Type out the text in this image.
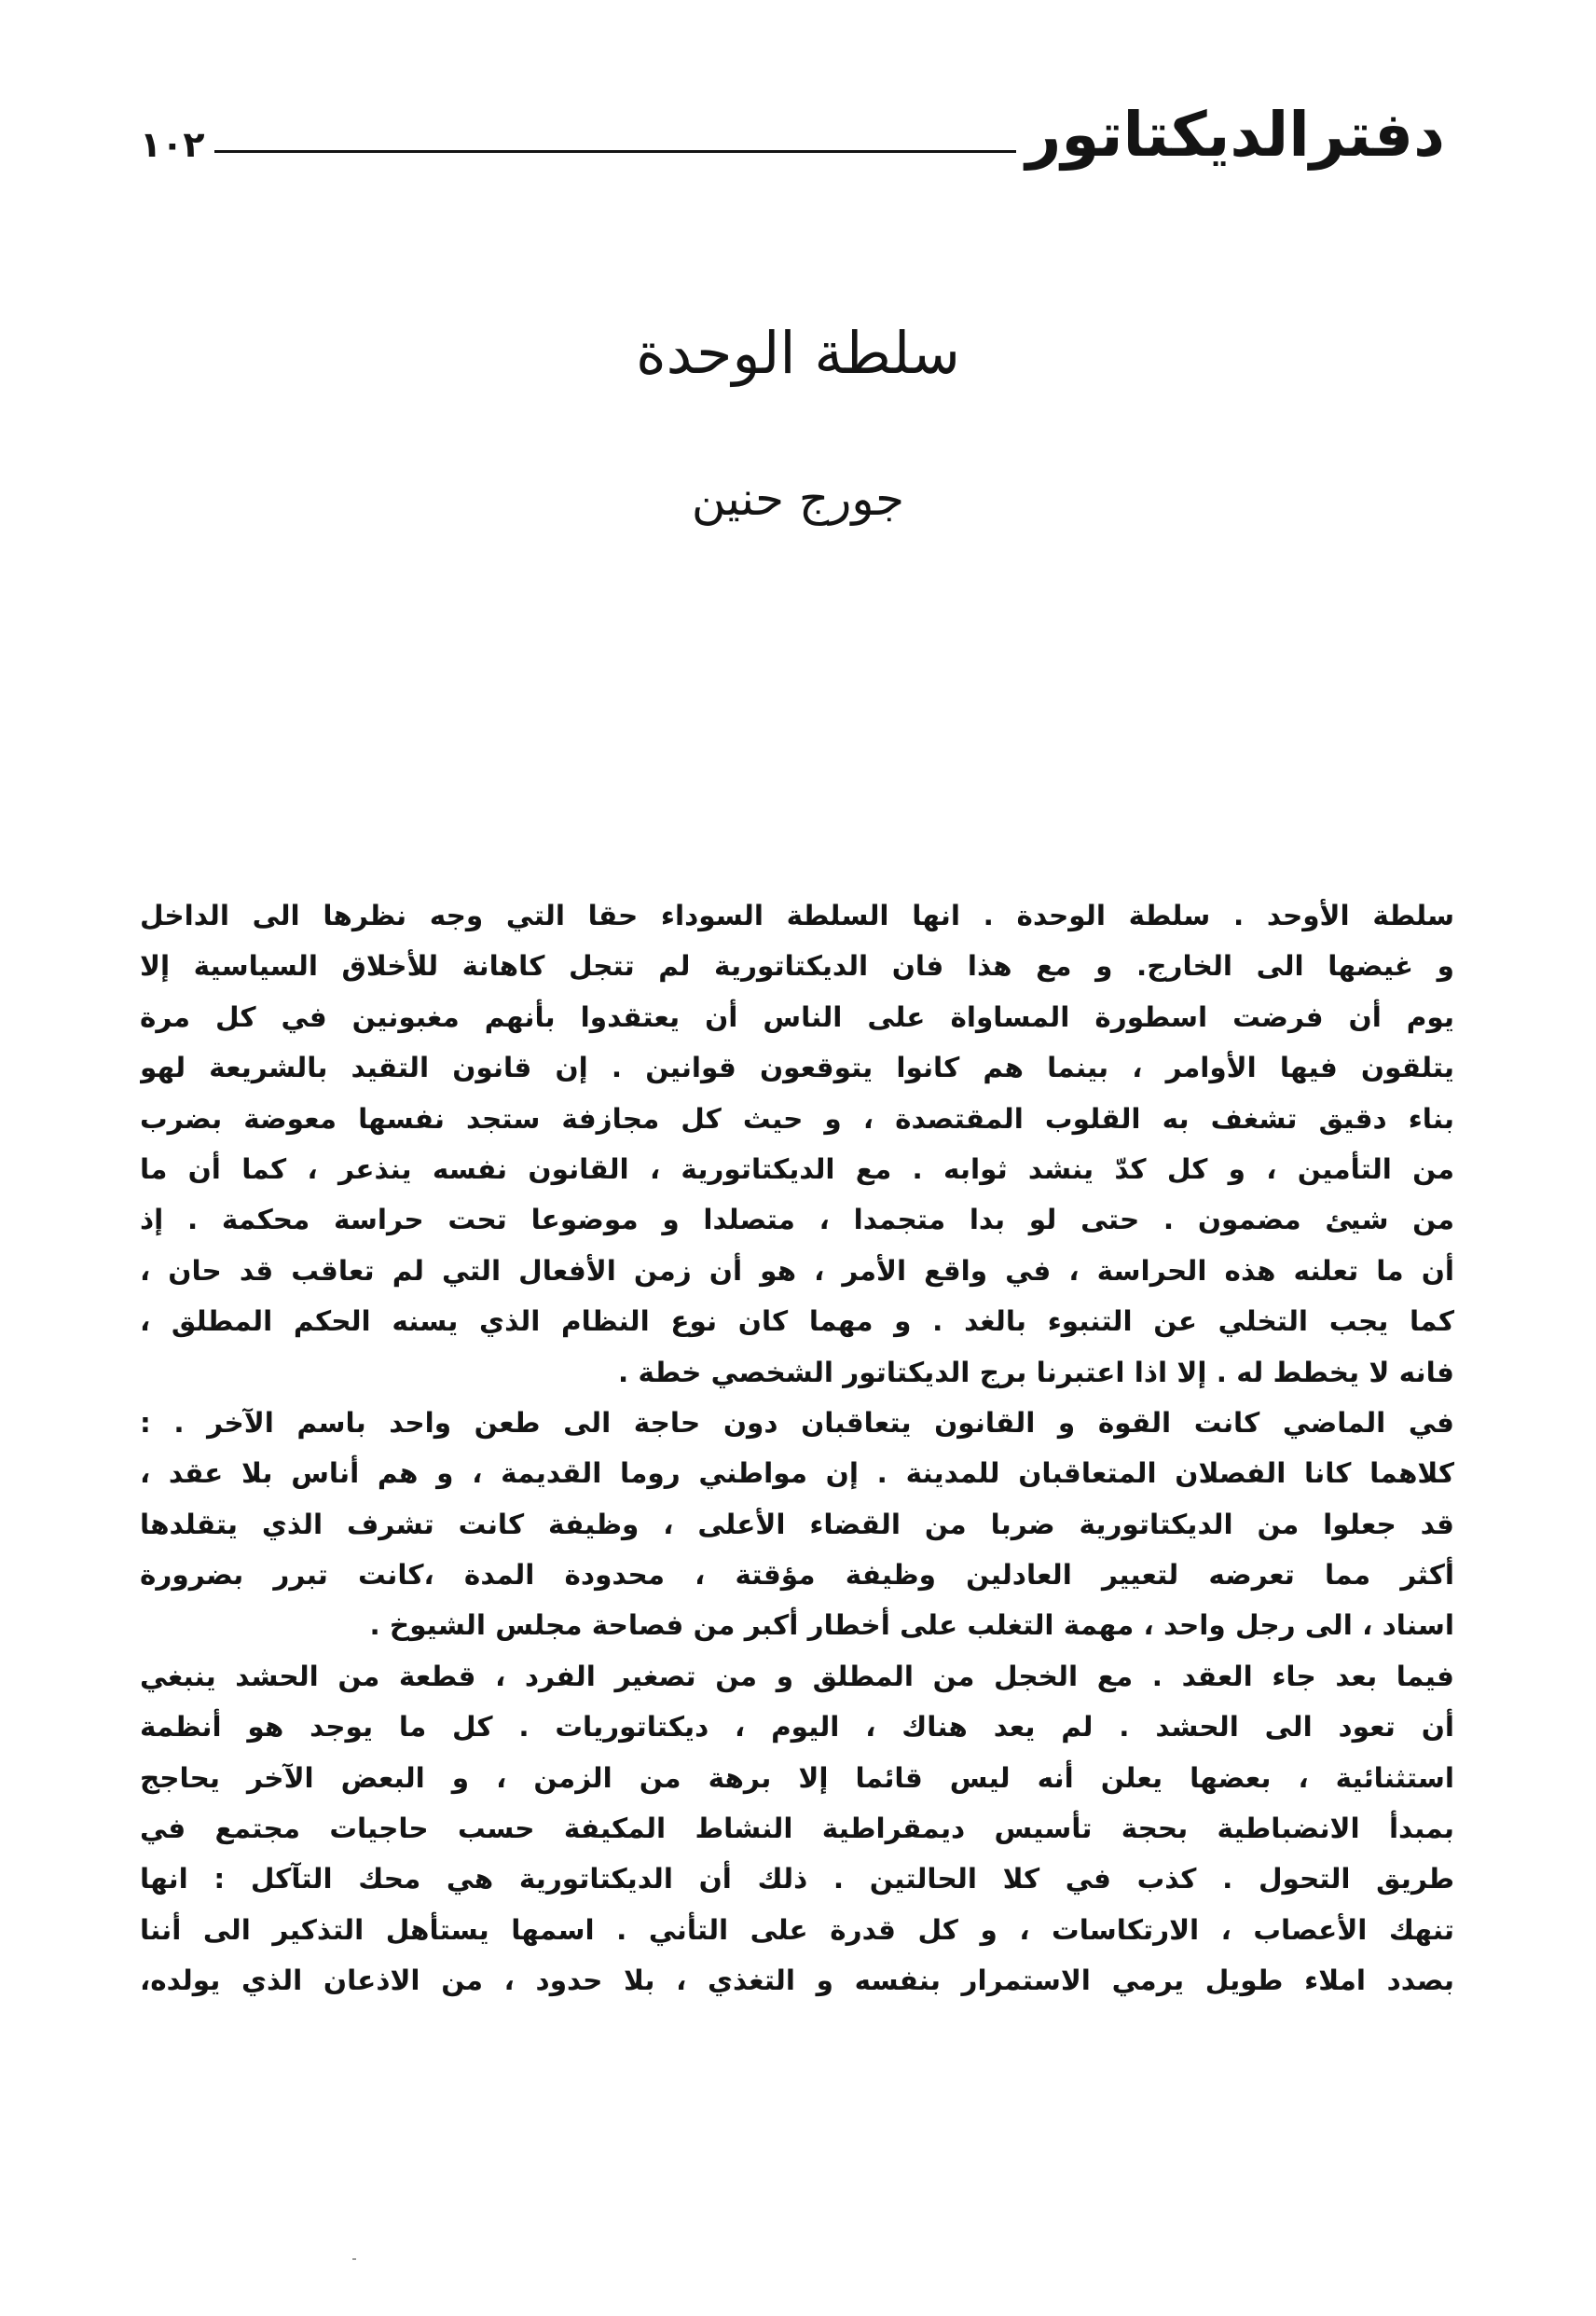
دفترالديكتاتور
١٠٢
سلطة الوحدة
جورج حنين
سلطة الأوحد . سلطة الوحدة . انها السلطة السوداء حقا التي وجه نظرها الى الداخل
و غيضها الى الخارج. و مع هذا فان الديكتاتورية لم تتجل كاهانة للأخلاق السياسية إلا
يوم أن فرضت اسطورة المساواة على الناس أن يعتقدوا بأنهم مغبونين في كل مرة
يتلقون فيها الأوامر ، بينما هم كانوا يتوقعون قوانين . إن قانون التقيد بالشريعة لهو
بناء دقيق تشغف به القلوب المقتصدة ، و حيث كل مجازفة ستجد نفسها معوضة بضرب
من التأمين ، و كل كدّ ينشد ثوابه . مع الديكتاتورية ، القانون نفسه ينذعر ، كما أن ما
من شيئ مضمون . حتى لو بدا متجمدا ، متصلدا و موضوعا تحت حراسة محكمة . إذ
أن ما تعلنه هذه الحراسة ، في واقع الأمر ، هو أن زمن الأفعال التي لم تعاقب قد حان ،
كما يجب التخلي عن التنبوء بالغد . و مهما كان نوع النظام الذي يسنه الحكم المطلق ،
فانه لا يخطط له . إلا اذا اعتبرنا برج الديكتاتور الشخصي خطة .
في الماضي كانت القوة و القانون يتعاقبان دون حاجة الى طعن واحد باسم الآخر . :
كلاهما كانا الفصلان المتعاقبان للمدينة . إن مواطني روما القديمة ، و هم أناس بلا عقد ،
قد جعلوا من الديكتاتورية ضربا من القضاء الأعلى ، وظيفة كانت تشرف الذي يتقلدها
أكثر مما تعرضه لتعيير العادلين وظيفة مؤقتة ، محدودة المدة ،كانت تبرر بضرورة
اسناد ، الى رجل واحد ، مهمة التغلب على أخطار أكبر من فصاحة مجلس الشيوخ .
فيما بعد جاء العقد . مع الخجل من المطلق و من تصغير الفرد ، قطعة من الحشد ينبغي
أن تعود الى الحشد . لم يعد هناك ، اليوم ، ديكتاتوريات . كل ما يوجد هو أنظمة
استثنائية ، بعضها يعلن أنه ليس قائما إلا برهة من الزمن ، و البعض الآخر يحاجج
بمبدأ الانضباطية بحجة تأسيس ديمقراطية النشاط المكيفة حسب حاجيات مجتمع في
طريق التحول . كذب في كلا الحالتين . ذلك أن الديكتاتورية هي محك التآكل : انها
تنهك الأعصاب ، الارتكاسات ، و كل قدرة على التأني . اسمها يستأهل التذكير الى أننا
بصدد املاء طويل يرمي الاستمرار بنفسه و التغذي ، بلا حدود ، من الاذعان الذي يولده،
